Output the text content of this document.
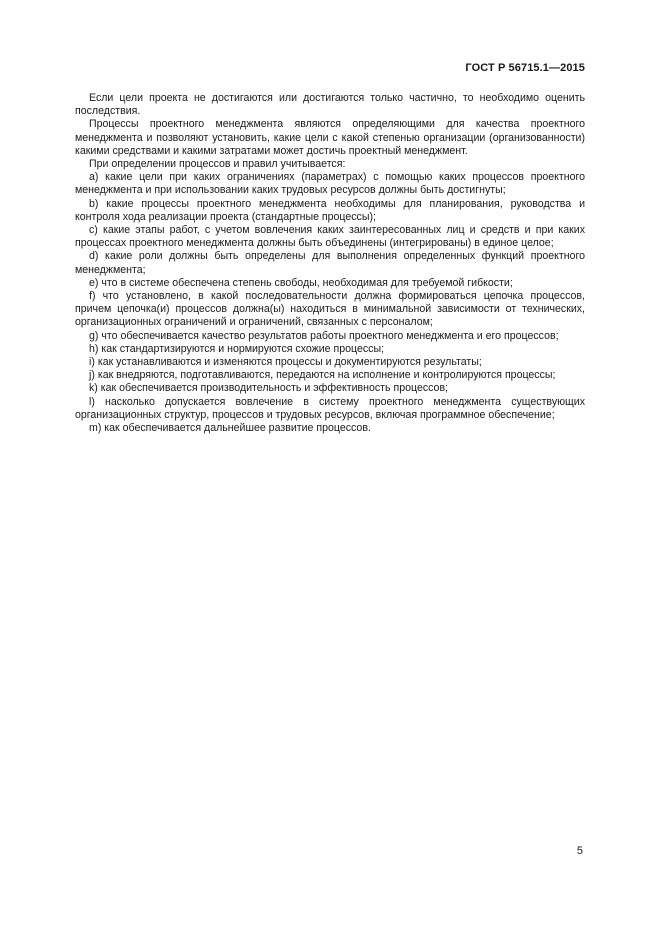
ГОСТ Р 56715.1—2015

Если цели проекта не достигаются или достигаются только частично, то необходимо оценить последствия.

Процессы проектного менеджмента являются определяющими для качества проектного менеджмента и позволяют установить, какие цели с какой степенью организации (организованности) какими средствами и какими затратами может достичь проектный менеджмент.

При определении процессов и правил учитывается:

a) какие цели при каких ограничениях (параметрах) с помощью каких процессов проектного менеджмента и при использовании каких трудовых ресурсов должны быть достигнуты;

b) какие процессы проектного менеджмента необходимы для планирования, руководства и контроля хода реализации проекта (стандартные процессы);

c) какие этапы работ, с учетом вовлечения каких заинтересованных лиц и средств и при каких процессах проектного менеджмента должны быть объединены (интегрированы) в единое целое;

d) какие роли должны быть определены для выполнения определенных функций проектного менеджмента;

e) что в системе обеспечена степень свободы, необходимая для требуемой гибкости;

f) что установлено, в какой последовательности должна формироваться цепочка процессов, причем цепочка(и) процессов должна(ы) находиться в минимальной зависимости от технических, организационных ограничений и ограничений, связанных с персоналом;

g) что обеспечивается качество результатов работы проектного менеджмента и его процессов;

h) как стандартизируются и нормируются схожие процессы;

i) как устанавливаются и изменяются процессы и документируются результаты;

j) как внедряются, подготавливаются, передаются на исполнение и контролируются процессы;

k) как обеспечивается производительность и эффективность процессов;

l) насколько допускается вовлечение в систему проектного менеджмента существующих организационных структур, процессов и трудовых ресурсов, включая программное обеспечение;

m) как обеспечивается дальнейшее развитие процессов.

5
